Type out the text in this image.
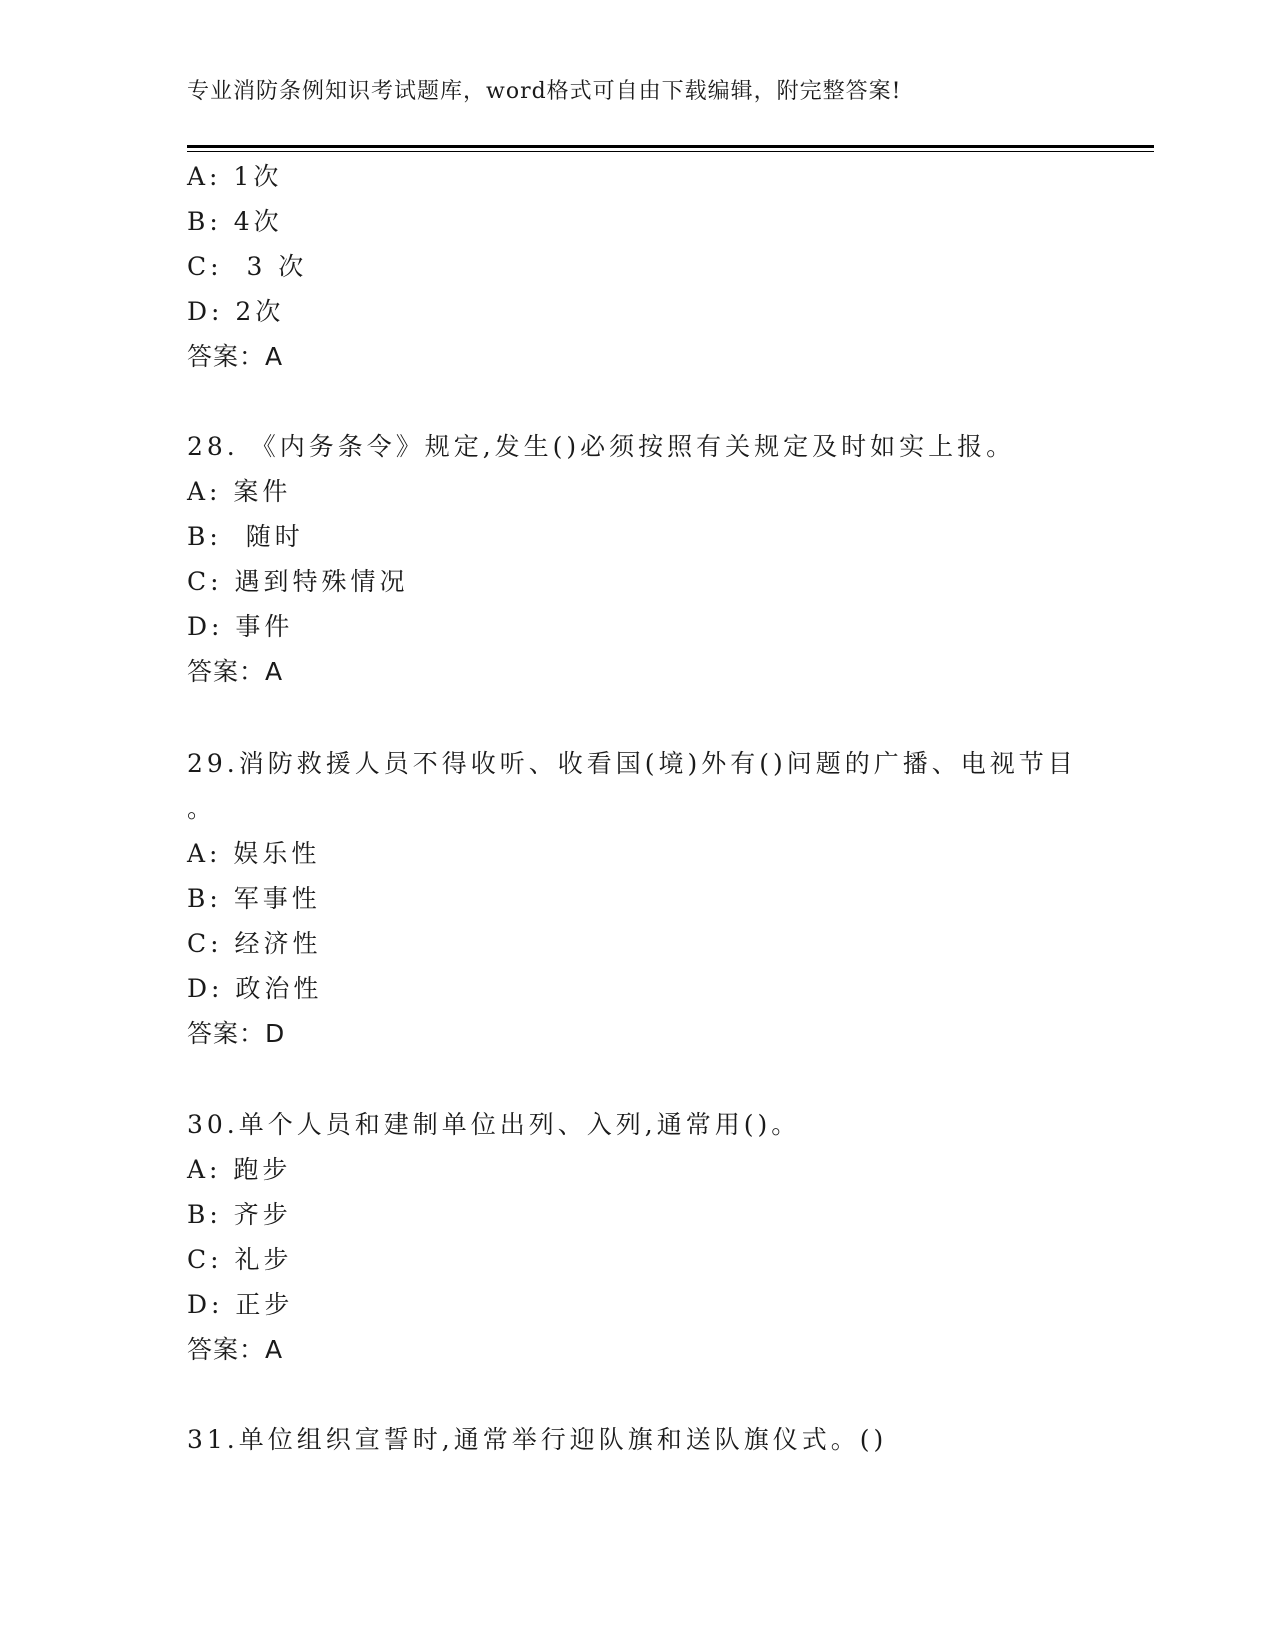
专业消防条例知识考试题库，word格式可自由下载编辑，附完整答案!
A: 1次
B: 4次
C:  3 次
D: 2次
答案：A
28. 《内务条令》规定,发生()必须按照有关规定及时如实上报。
A: 案件
B:  随时
C: 遇到特殊情况
D: 事件
答案：A
29.消防救援人员不得收听、收看国(境)外有()问题的广播、电视节目
。
A: 娱乐性
B: 军事性
C: 经济性
D: 政治性
答案：D
30.单个人员和建制单位出列、入列,通常用()。
A: 跑步
B: 齐步
C: 礼步
D: 正步
答案：A
31.单位组织宣誓时,通常举行迎队旗和送队旗仪式。()
